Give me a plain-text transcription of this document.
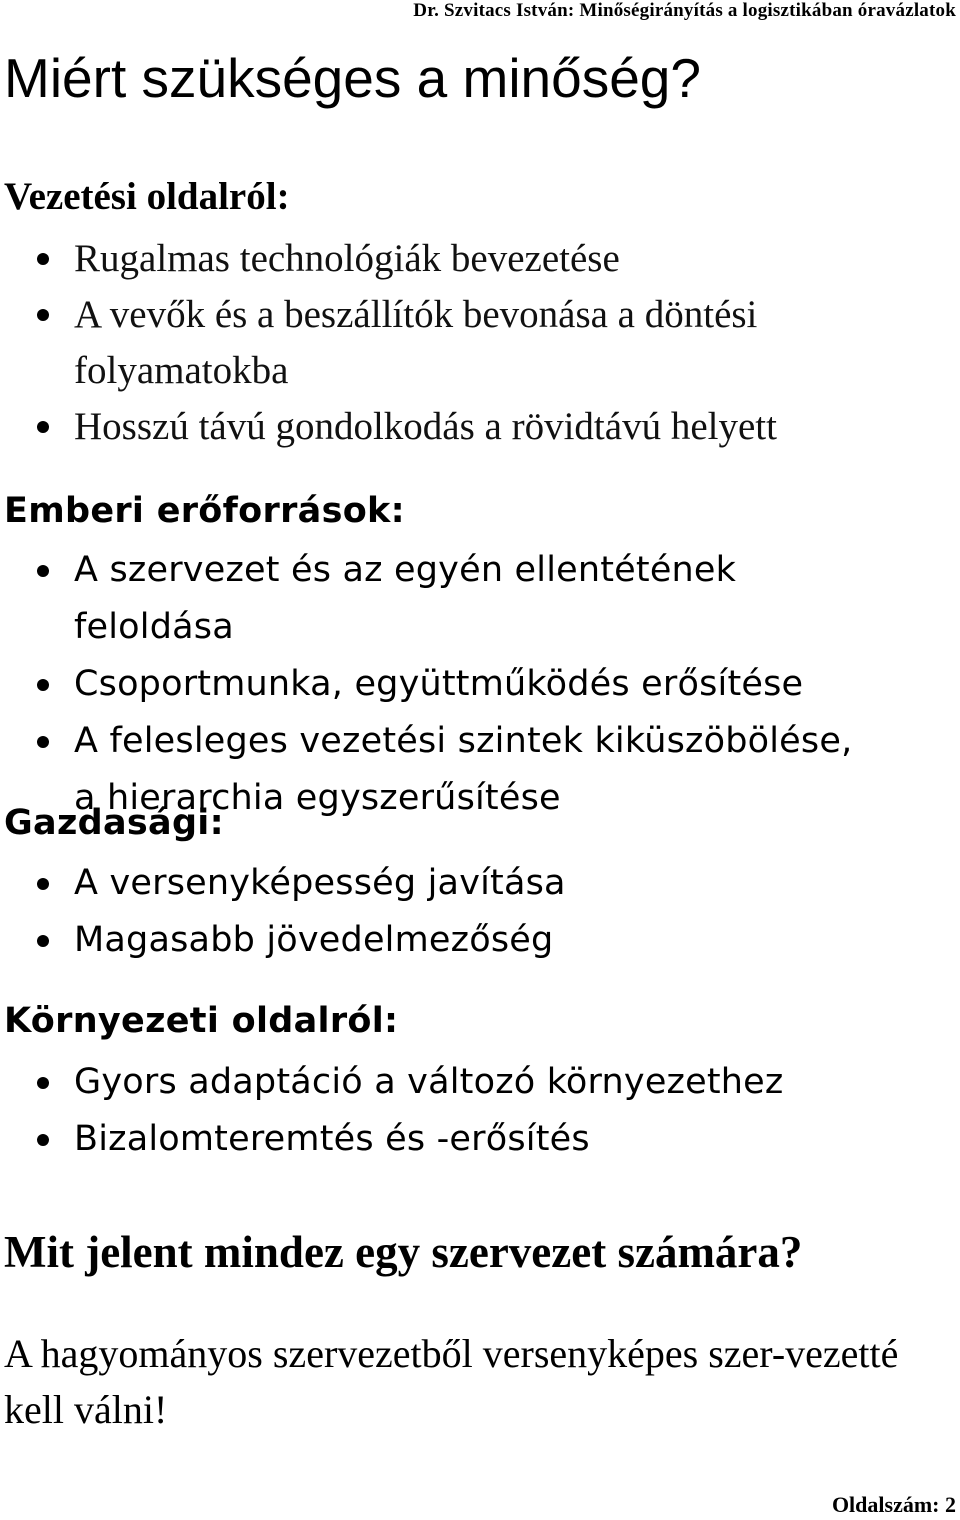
Dr. Szvitacs István: Minőségirányítás a logisztikában óravázlatok
Miért szükséges a minőség?
Vezetési oldalról:
Rugalmas technológiák bevezetése
A vevők és a beszállítók bevonása a döntési folyamatokba
Hosszú távú gondolkodás a rövidtávú helyett
Emberi erőforrások:
A szervezet és az egyén ellentétének feloldása
Csoportmunka, együttműködés erősítése
A felesleges vezetési szintek kiküszöbölése, a hierarchia egyszerűsítése
Gazdasági:
A versenyképesség javítása
Magasabb jövedelmezőség
Környezeti oldalról:
Gyors adaptáció a változó környezethez
Bizalomteremtés és -erősítés
Mit jelent mindez egy szervezet számára?

A hagyományos szervezetből versenyképes szer-vezetté kell válni!

Oldalszám: 2
